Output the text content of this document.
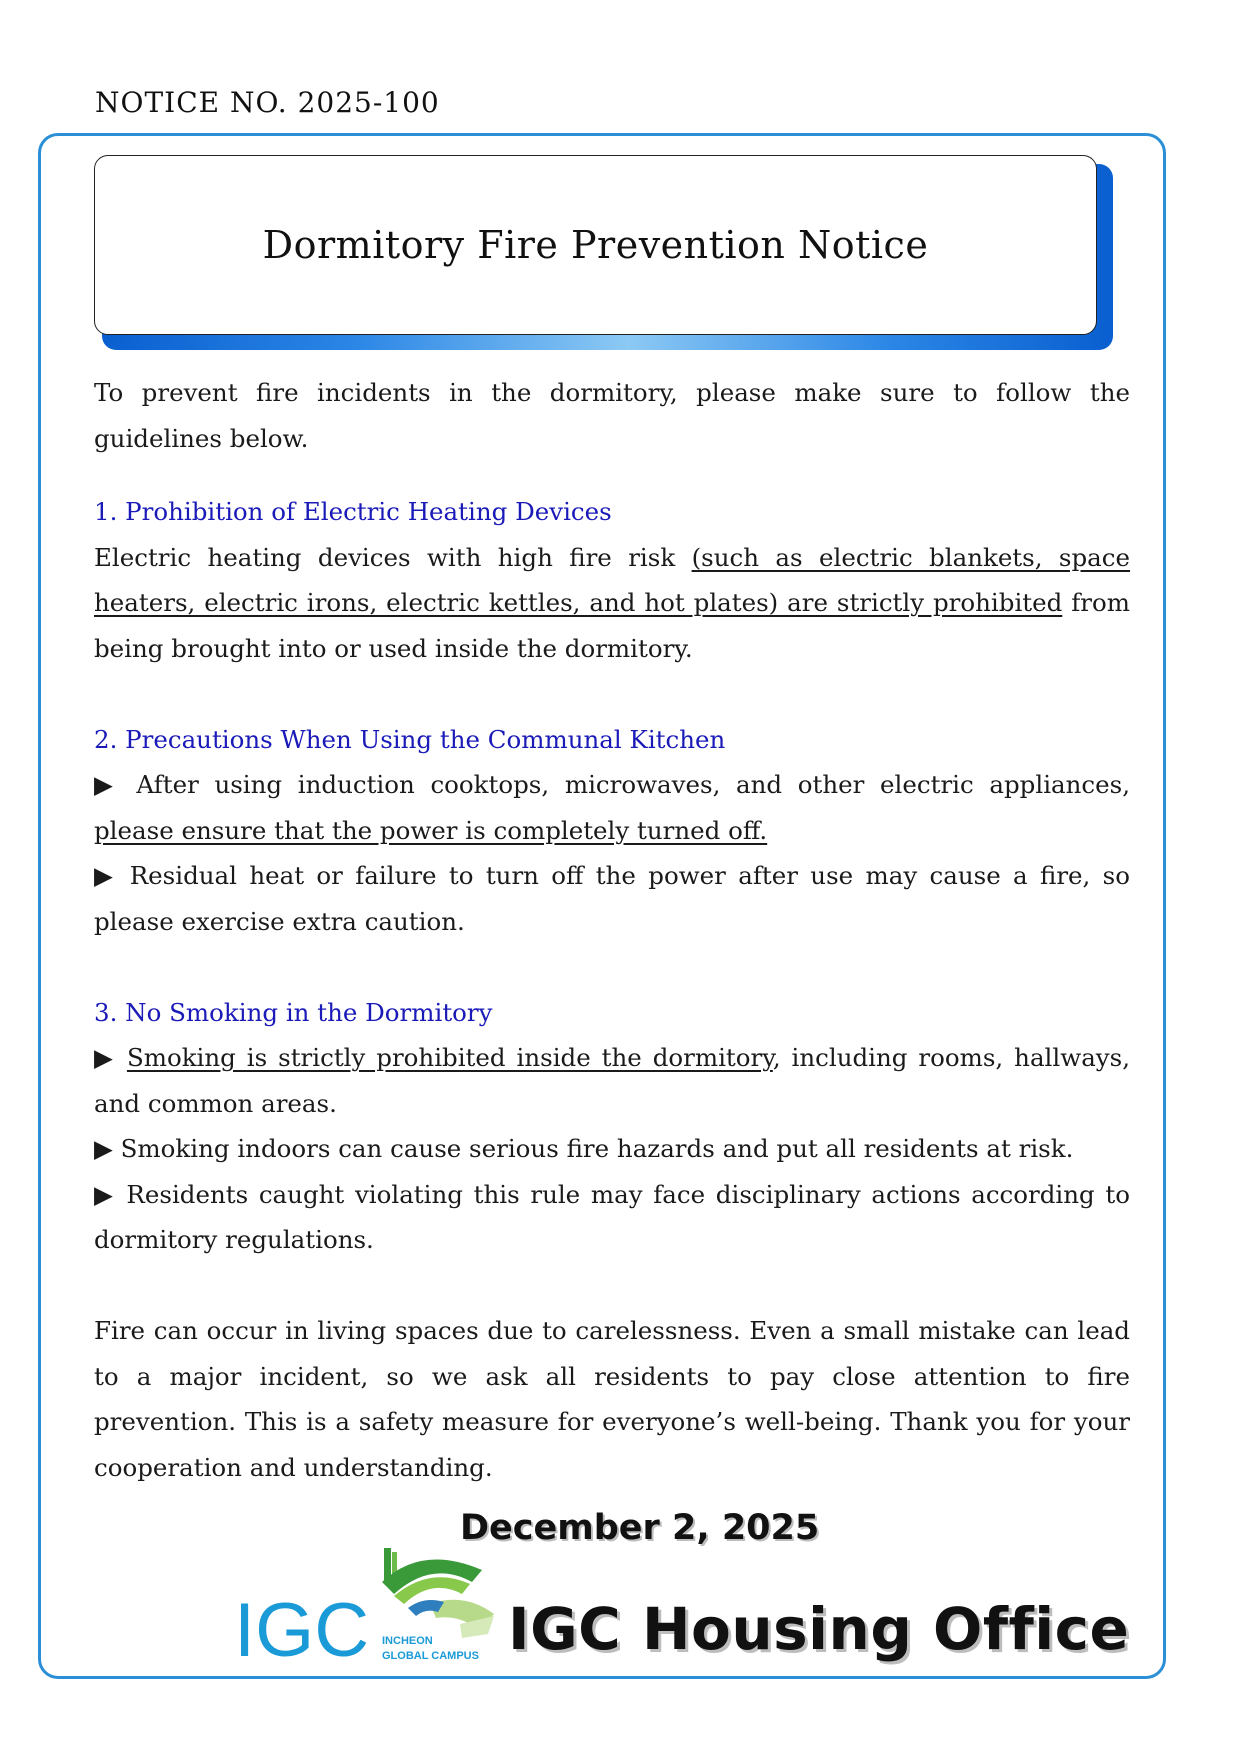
NOTICE NO. 2025-100
Dormitory Fire Prevention Notice

To prevent fire incidents in the dormitory, please make sure to follow the guidelines below.

1. Prohibition of Electric Heating Devices

Electric heating devices with high fire risk (such as electric blankets, space heaters, electric irons, electric kettles, and hot plates) are strictly prohibited from being brought into or used inside the dormitory.

2. Precautions When Using the Communal Kitchen

▶ After using induction cooktops, microwaves, and other electric appliances, please ensure that the power is completely turned off.

▶ Residual heat or failure to turn off the power after use may cause a fire, so please exercise extra caution.

3. No Smoking in the Dormitory

▶ Smoking is strictly prohibited inside the dormitory, including rooms, hallways, and common areas.

▶ Smoking indoors can cause serious fire hazards and put all residents at risk.

▶ Residents caught violating this rule may face disciplinary actions according to dormitory regulations.

Fire can occur in living spaces due to carelessness. Even a small mistake can lead to a major incident, so we ask all residents to pay close attention to fire prevention. This is a safety measure for everyone’s well-being. Thank you for your cooperation and understanding.

December 2, 2025
IGC INCHEON
GLOBAL CAMPUS IGC Housing Office
